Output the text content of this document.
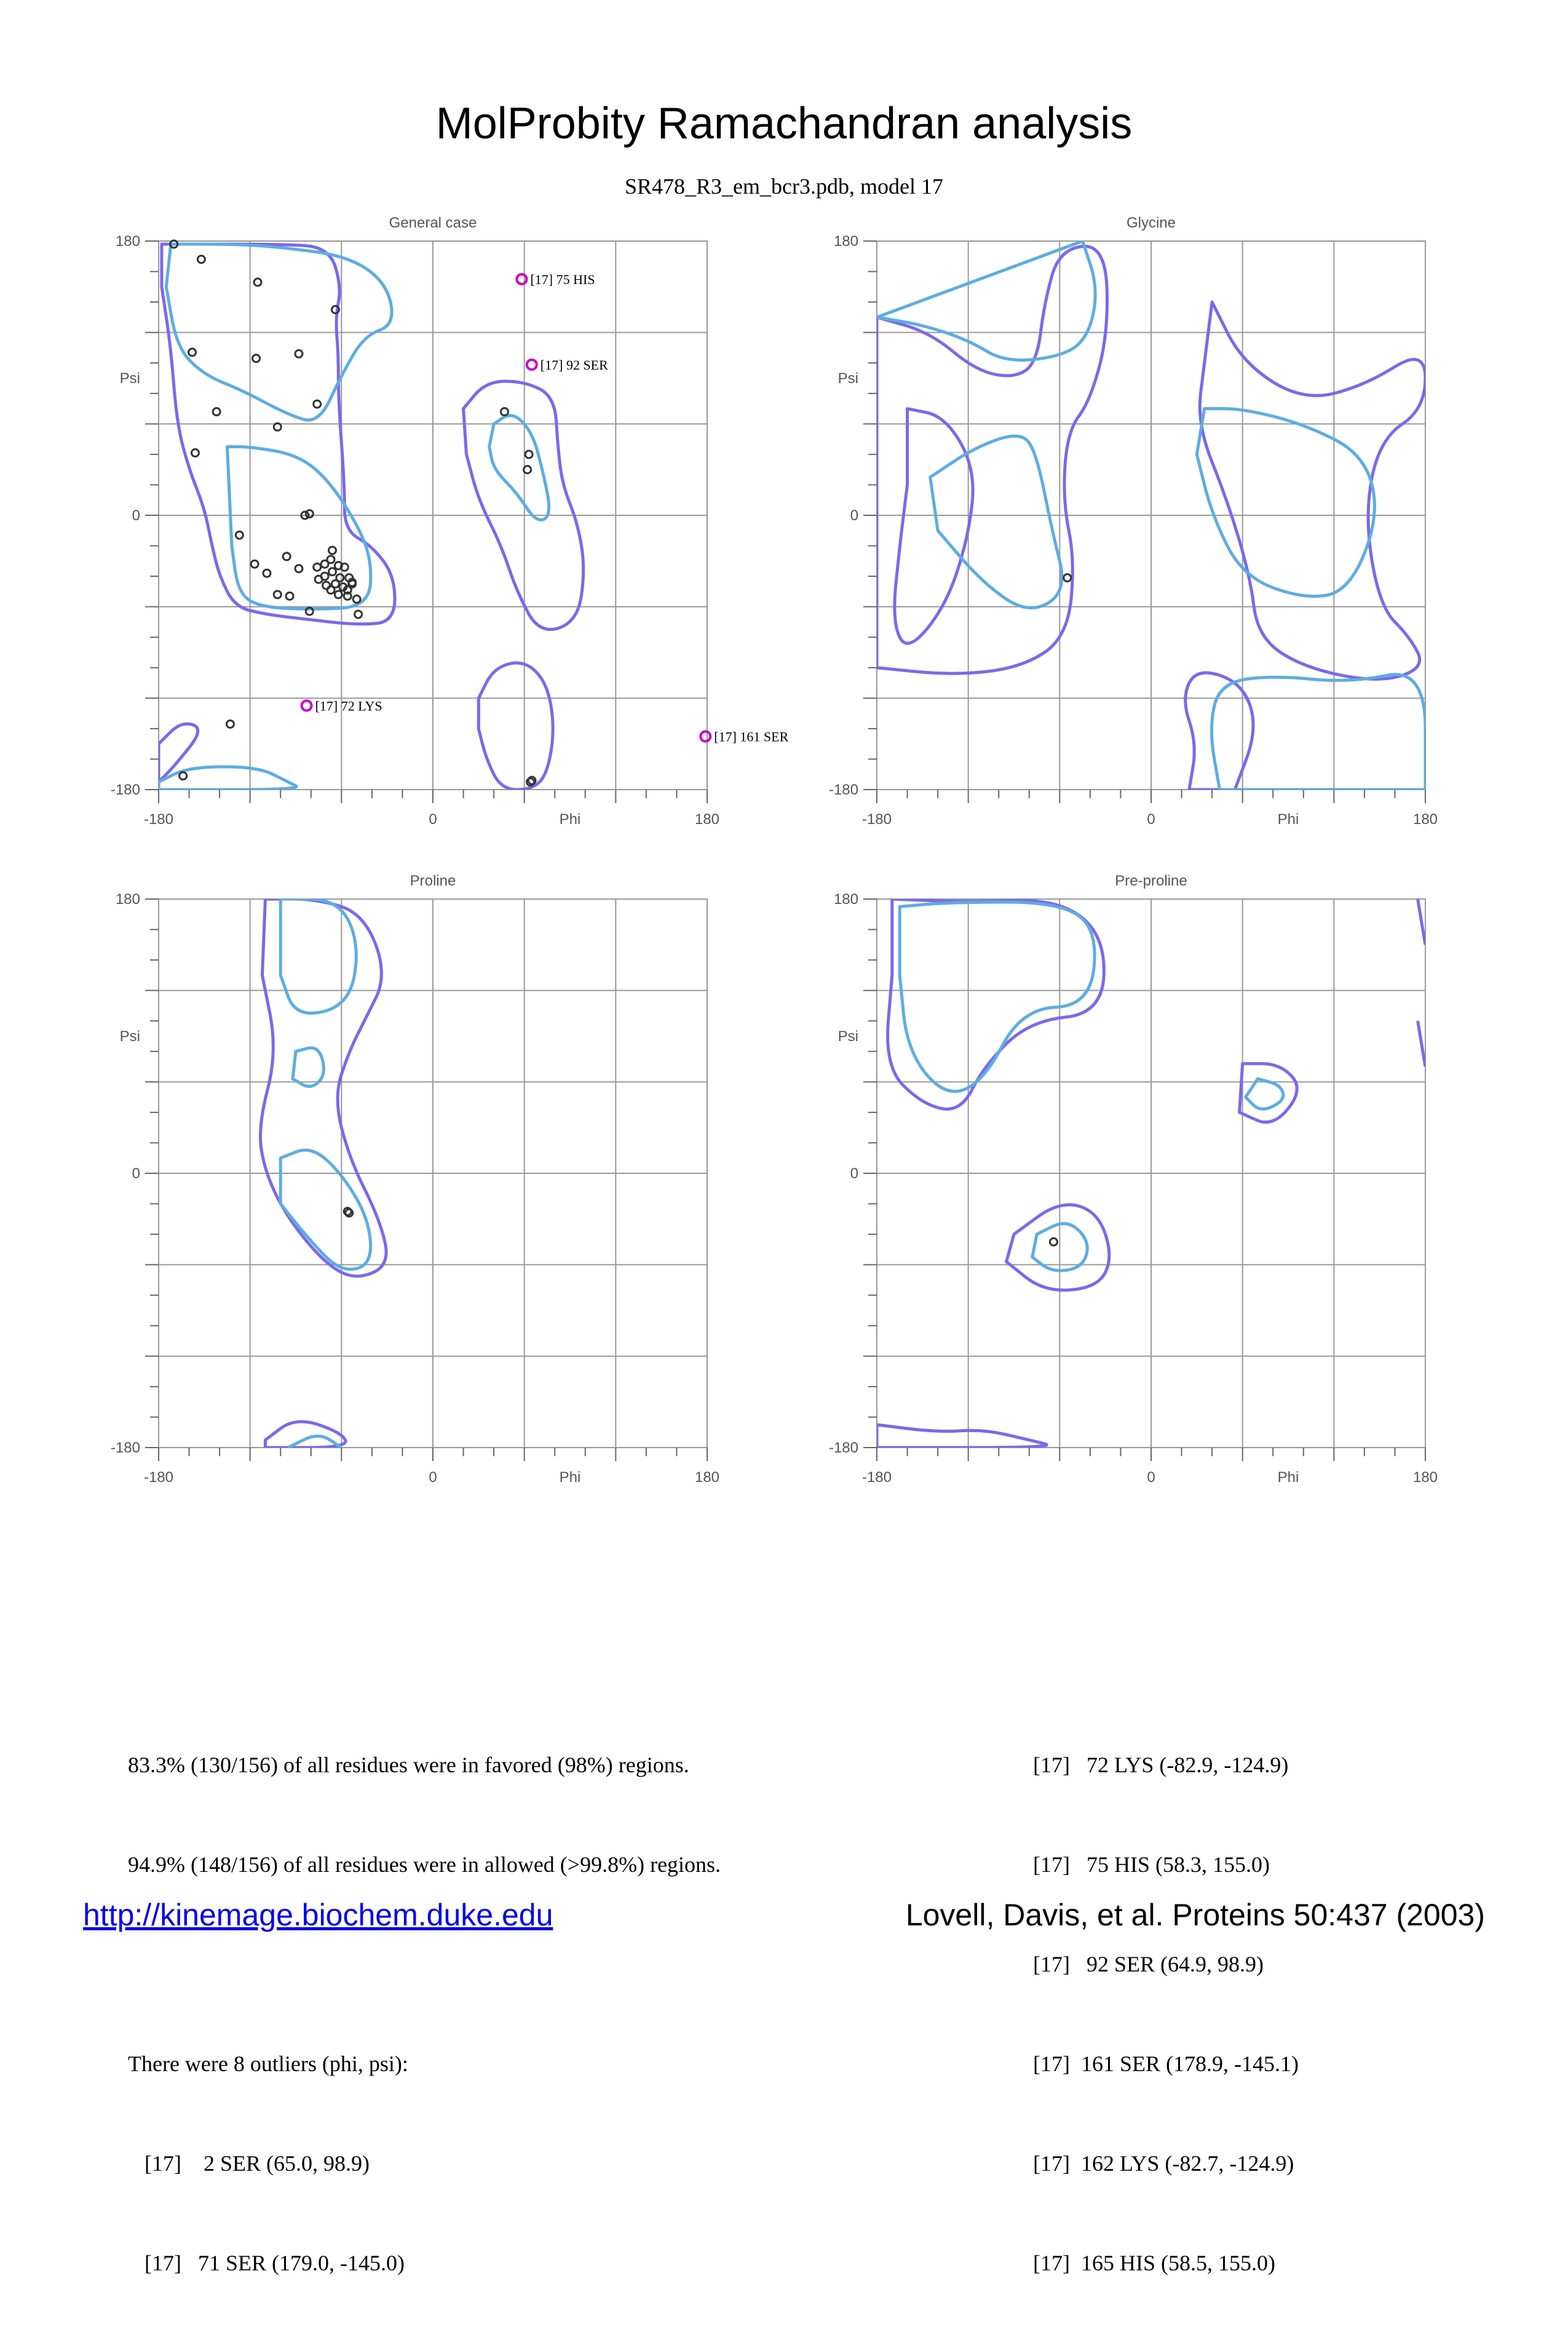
MolProbity Ramachandran analysis
SR478_R3_em_bcr3.pdb, model 17
General case
-180
-180
0
0
180
180
Phi
Psi
[17] 75 HIS
[17] 92 SER
[17] 72 LYS
[17] 161 SER
Glycine
-180
-180
0
0
180
180
Phi
Psi
Proline
-180
-180
0
0
180
180
Phi
Psi
Pre-proline
-180
-180
0
0
180
180
Phi
Psi

83.3% (130/156) of all residues were in favored (98%) regions.

94.9% (148/156) of all residues were in allowed (>99.8%) regions.

There were 8 outliers (phi, psi):

[17]    2 SER (65.0, 98.9)

[17]   71 SER (179.0, -145.0)

[17]   72 LYS (-82.9, -124.9)

[17]   75 HIS (58.3, 155.0)

[17]   92 SER (64.9, 98.9)

[17]  161 SER (178.9, -145.1)

[17]  162 LYS (-82.7, -124.9)

[17]  165 HIS (58.5, 155.0)

http://kinemage.biochem.duke.edu	Lovell, Davis, et al. Proteins 50:437 (2003)
